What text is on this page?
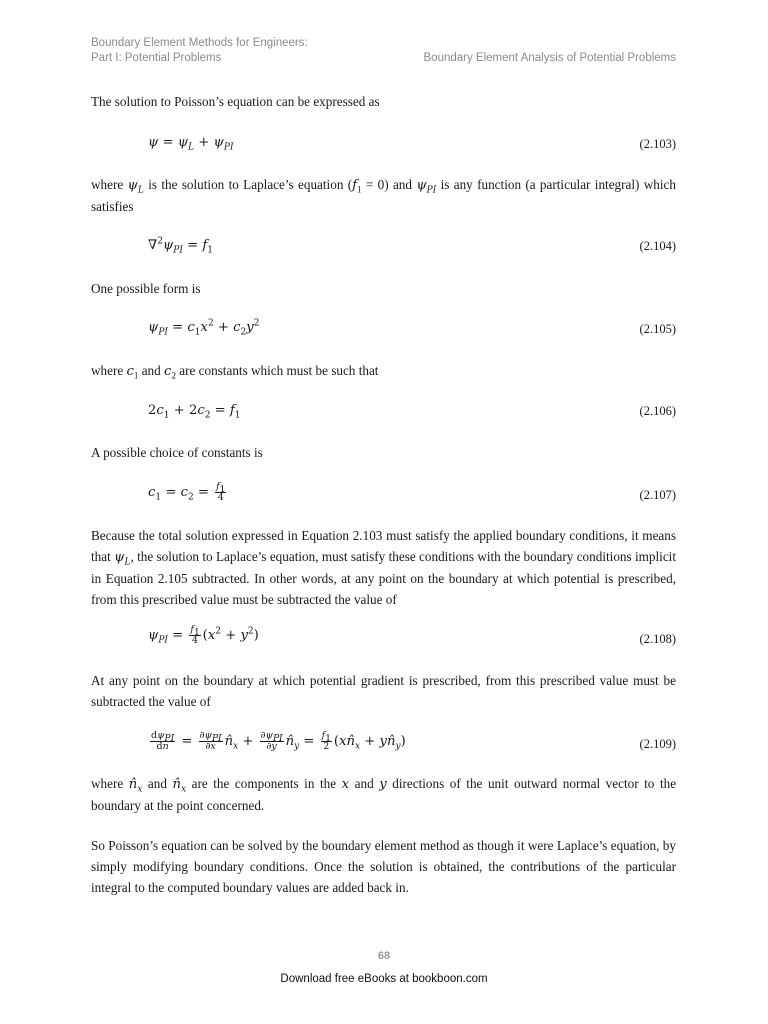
Boundary Element Methods for Engineers:
Part I: Potential Problems	Boundary Element Analysis of Potential Problems
The solution to Poisson’s equation can be expressed as
$\psi = \psi_L + \psi_{PI}$	(2.103)
where $\psi_L$ is the solution to Laplace’s equation $(f_1 = 0)$ and $\psi_{PI}$ is any function (a particular integral) which satisfies
$\nabla^2\psi_{PI} = f_1$	(2.104)
One possible form is
$\psi_{PI} = c_1x^2 + c_2y^2$	(2.105)
where $c_1$ and $c_2$ are constants which must be such that
$2c_1 + 2c_2 = f_1$	(2.106)
A possible choice of constants is
$c_1 = c_2 = \frac{f_1}{4}$	(2.107)
Because the total solution expressed in Equation 2.103 must satisfy the applied boundary conditions, it means that $\psi_L$, the solution to Laplace’s equation, must satisfy these conditions with the boundary conditions implicit in Equation 2.105 subtracted. In other words, at any point on the boundary at which potential is prescribed, from this prescribed value must be subtracted the value of
$\psi_{PI} = \frac{f_1}{4} (x^2 + y^2)$	(2.108)
At any point on the boundary at which potential gradient is prescribed, from this prescribed value must be subtracted the value of
$\frac{d\psi_{PI}}{dn} = \frac{\partial\psi_{PI}}{\partial x}$ $n̂_x + \frac{\partial\psi_{PI}}{\partial y}$ $n̂_y = \frac{f_1}{2}$ ($xn̂_x$ + $yn̂_y$)	(2.109)
where $n̂_x$ and $n̂_x$ are the components in the x and y directions of the unit outward normal vector to the boundary at the point concerned.
So Poisson’s equation can be solved by the boundary element method as though it were Laplace’s equation, by simply modifying boundary conditions. Once the solution is obtained, the contributions of the particular integral to the computed boundary values are added back in.
68
Download free eBooks at bookboon.com
